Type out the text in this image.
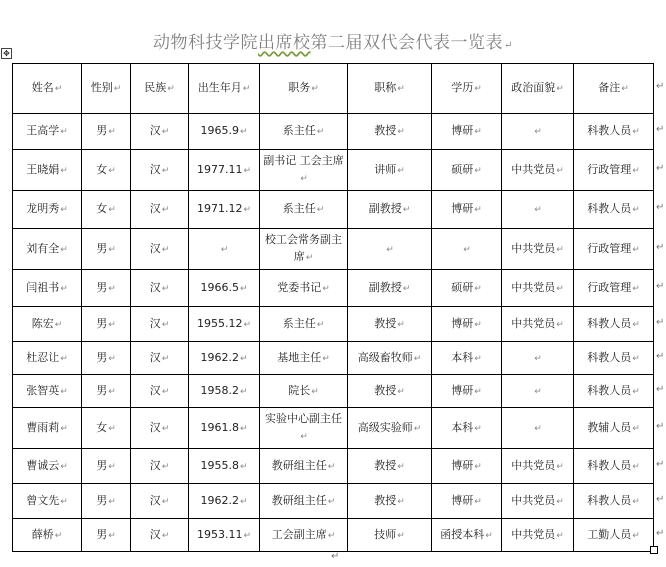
✥
动物科技学院出席校第二届双代会代表一览表↵
姓名↵	性别↵	民族↵	出生年月↵	职务↵	职称↵	学历↵	政治面貌↵	备注↵
王高学↵	男↵	汉↵	1965.9↵	系主任↵	教授↵	博研↵	↵	科教人员↵
王晓娟↵	女↵	汉↵	1977.11↵	副书记 工会主席↵	讲师↵	硕研↵	中共党员↵	行政管理↵
龙明秀↵	女↵	汉↵	1971.12↵	系主任↵	副教授↵	博研↵	↵	科教人员↵
刘有全↵	男↵	汉↵	↵	校工会常务副主席↵	↵	↵	中共党员↵	行政管理↵
闫祖书↵	男↵	汉↵	1966.5↵	党委书记↵	副教授↵	硕研↵	中共党员↵	行政管理↵
陈宏↵	男↵	汉↵	1955.12↵	系主任↵	教授↵	博研↵	中共党员↵	科教人员↵
杜忍让↵	男↵	汉↵	1962.2↵	基地主任↵	高级畜牧师↵	本科↵	↵	科教人员↵
张智英↵	男↵	汉↵	1958.2↵	院长↵	教授↵	博研↵	↵	科教人员↵
曹雨莉↵	女↵	汉↵	1961.8↵	实验中心副主任↵	高级实验师↵	本科↵	↵	教辅人员↵
曹诚云↵	男↵	汉↵	1955.8↵	教研组主任↵	教授↵	博研↵	中共党员↵	科教人员↵
曾文先↵	男↵	汉↵	1962.2↵	教研组主任↵	教授↵	博研↵	中共党员↵	科教人员↵
薛桥↵	男↵	汉↵	1953.11↵	工会副主席↵	技师↵	函授本科↵	中共党员↵	工勤人员↵
↵
↵
↵
↵
↵
↵
↵
↵
↵
↵
↵
↵
↵
↵
